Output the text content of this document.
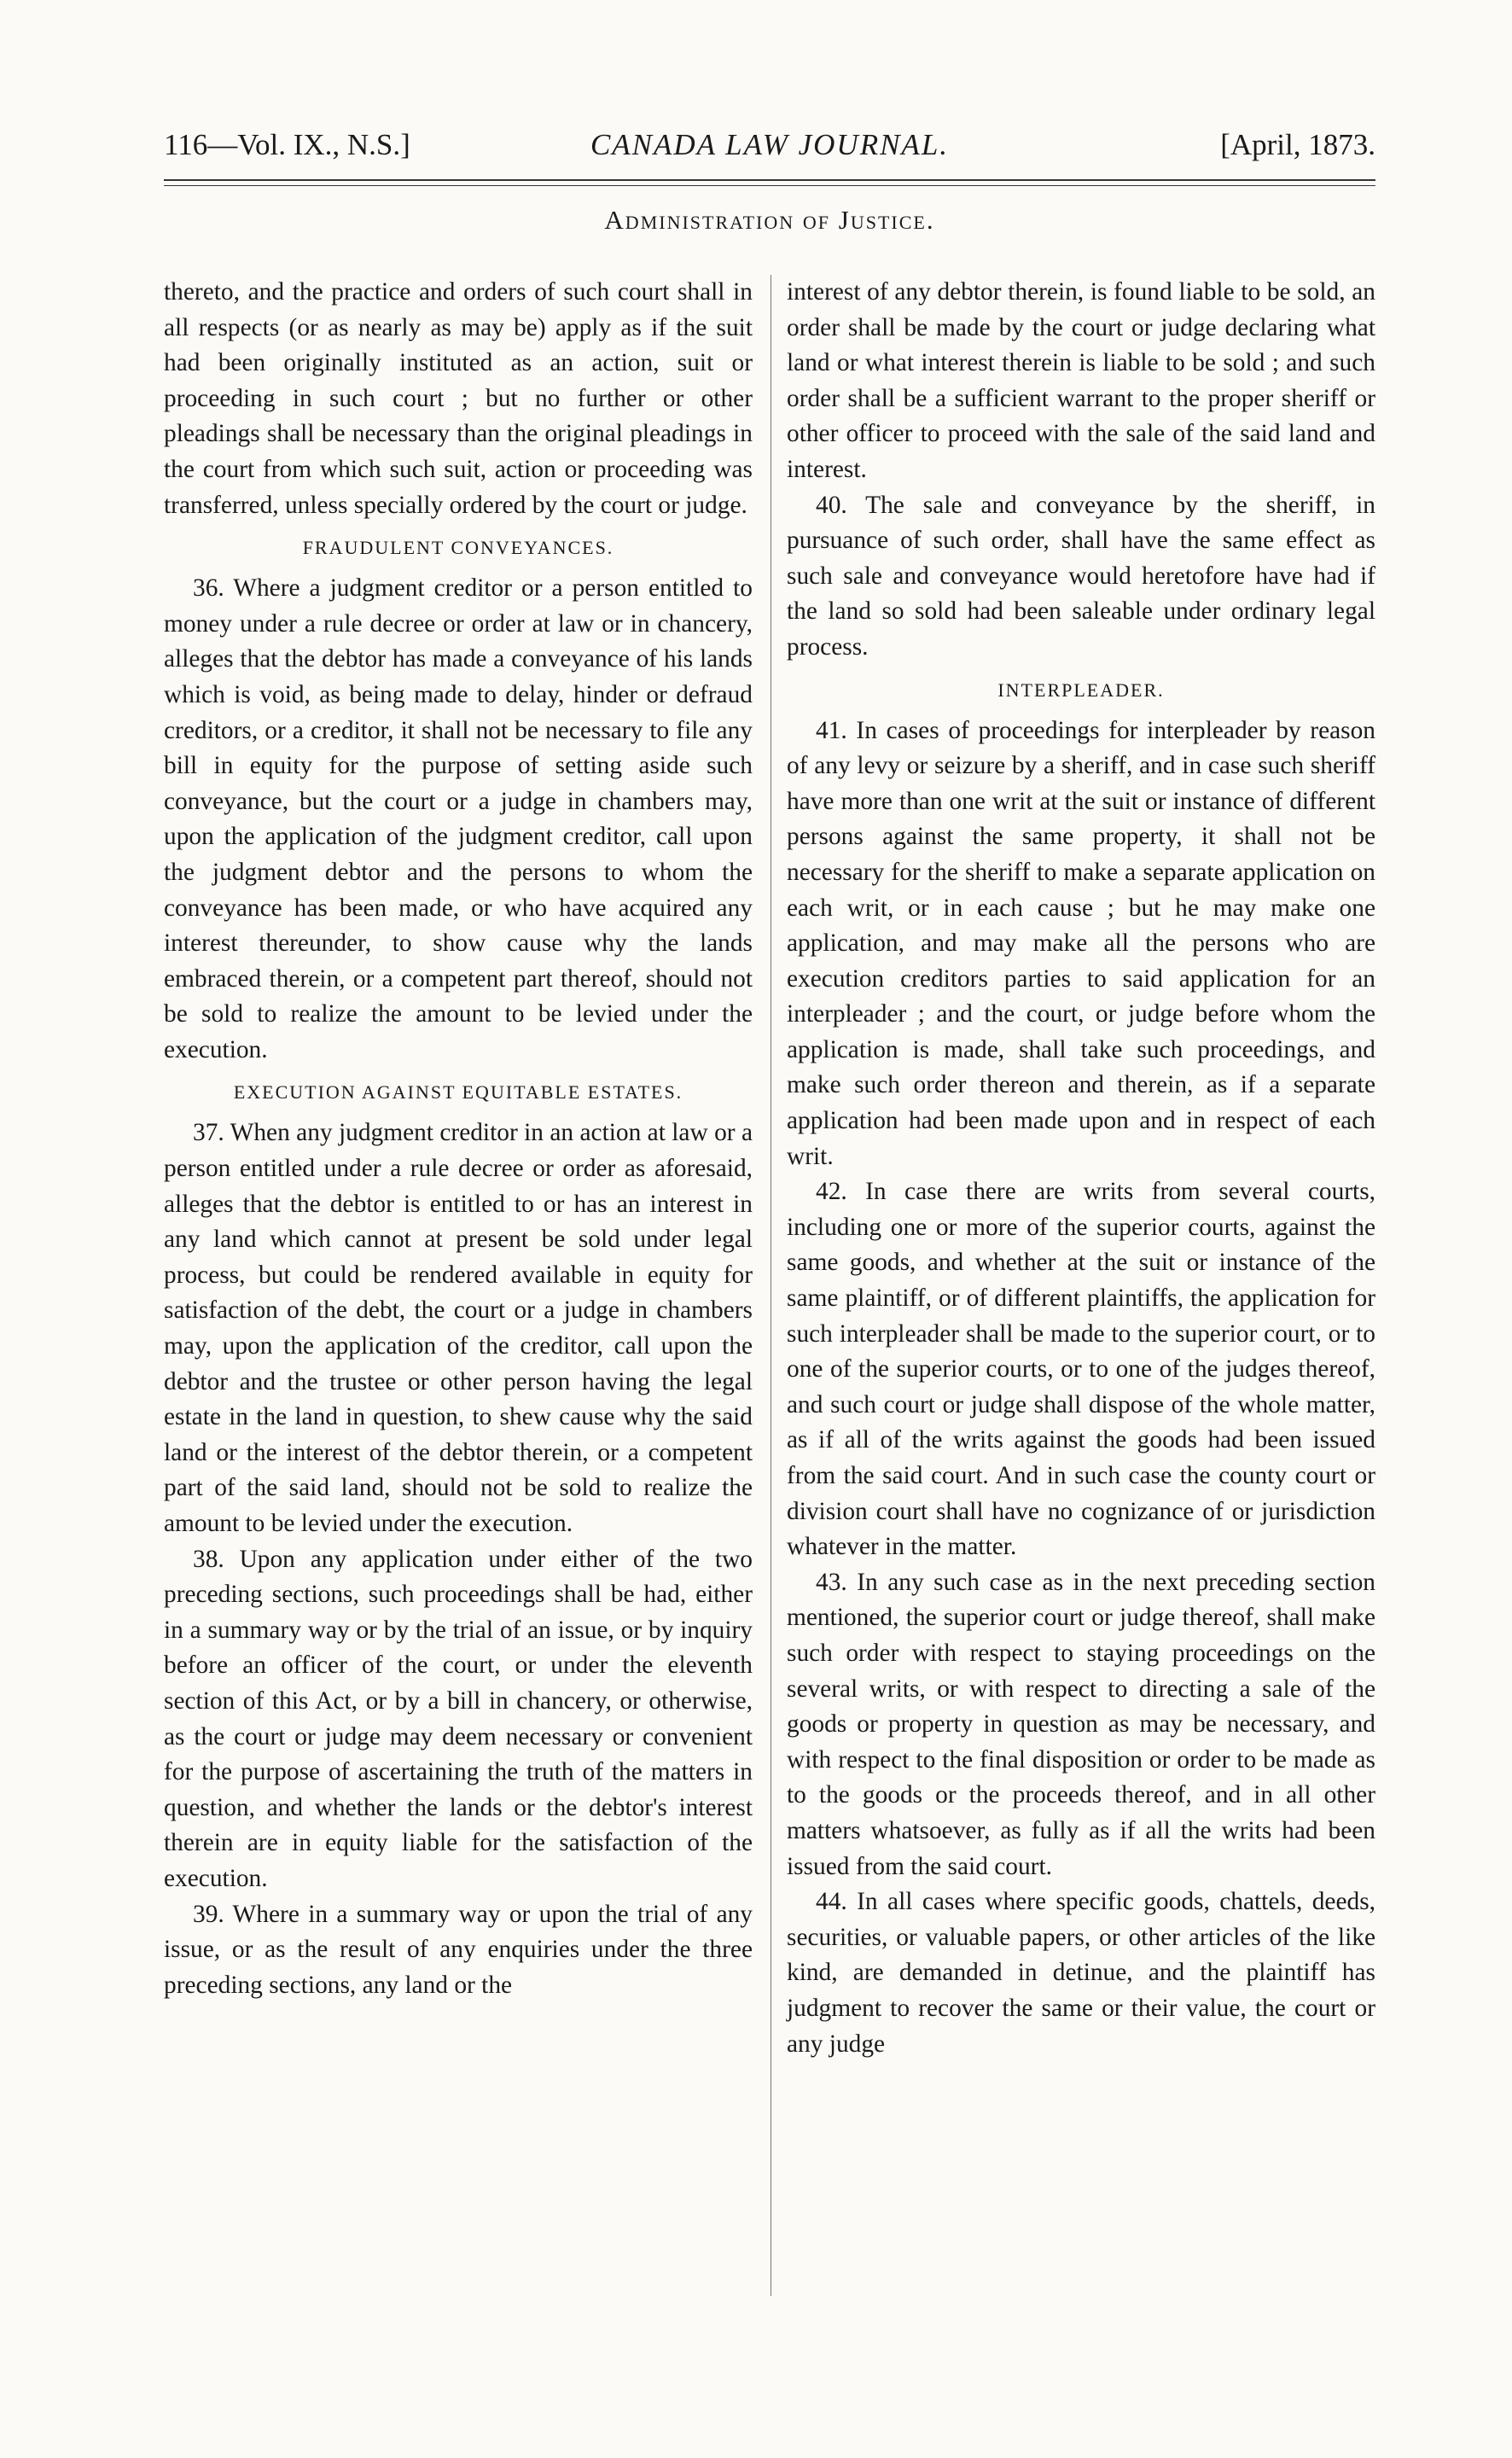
116—Vol. IX., N.S.]	CANADA LAW JOURNAL.	[April, 1873.
Administration of Justice.

thereto, and the practice and orders of such court shall in all respects (or as nearly as may be) apply as if the suit had been originally instituted as an action, suit or proceeding in such court ; but no further or other pleadings shall be necessary than the original pleadings in the court from which such suit, action or proceeding was transferred, unless specially ordered by the court or judge.

FRAUDULENT CONVEYANCES.

36. Where a judgment creditor or a person entitled to money under a rule decree or order at law or in chancery, alleges that the debtor has made a conveyance of his lands which is void, as being made to delay, hinder or defraud creditors, or a creditor, it shall not be necessary to file any bill in equity for the purpose of setting aside such conveyance, but the court or a judge in chambers may, upon the application of the judgment creditor, call upon the judgment debtor and the persons to whom the conveyance has been made, or who have acquired any interest thereunder, to show cause why the lands embraced therein, or a competent part thereof, should not be sold to realize the amount to be levied under the execution.

EXECUTION AGAINST EQUITABLE ESTATES.

37. When any judgment creditor in an action at law or a person entitled under a rule decree or order as aforesaid, alleges that the debtor is entitled to or has an interest in any land which cannot at present be sold under legal process, but could be rendered available in equity for satisfaction of the debt, the court or a judge in chambers may, upon the application of the creditor, call upon the debtor and the trustee or other person having the legal estate in the land in question, to shew cause why the said land or the interest of the debtor therein, or a competent part of the said land, should not be sold to realize the amount to be levied under the execution.

38. Upon any application under either of the two preceding sections, such proceedings shall be had, either in a summary way or by the trial of an issue, or by inquiry before an officer of the court, or under the eleventh section of this Act, or by a bill in chancery, or otherwise, as the court or judge may deem necessary or convenient for the purpose of ascertaining the truth of the matters in question, and whether the lands or the debtor's interest therein are in equity liable for the satisfaction of the execution.

39. Where in a summary way or upon the trial of any issue, or as the result of any enquiries under the three preceding sections, any land or the

interest of any debtor therein, is found liable to be sold, an order shall be made by the court or judge declaring what land or what interest therein is liable to be sold ; and such order shall be a sufficient warrant to the proper sheriff or other officer to proceed with the sale of the said land and interest.

40. The sale and conveyance by the sheriff, in pursuance of such order, shall have the same effect as such sale and conveyance would heretofore have had if the land so sold had been saleable under ordinary legal process.

INTERPLEADER.

41. In cases of proceedings for interpleader by reason of any levy or seizure by a sheriff, and in case such sheriff have more than one writ at the suit or instance of different persons against the same property, it shall not be necessary for the sheriff to make a separate application on each writ, or in each cause ; but he may make one application, and may make all the persons who are execution creditors parties to said application for an interpleader ; and the court, or judge before whom the application is made, shall take such proceedings, and make such order thereon and therein, as if a separate application had been made upon and in respect of each writ.

42. In case there are writs from several courts, including one or more of the superior courts, against the same goods, and whether at the suit or instance of the same plaintiff, or of different plaintiffs, the application for such interpleader shall be made to the superior court, or to one of the superior courts, or to one of the judges thereof, and such court or judge shall dispose of the whole matter, as if all of the writs against the goods had been issued from the said court. And in such case the county court or division court shall have no cognizance of or jurisdiction whatever in the matter.

43. In any such case as in the next preceding section mentioned, the superior court or judge thereof, shall make such order with respect to staying proceedings on the several writs, or with respect to directing a sale of the goods or property in question as may be necessary, and with respect to the final disposition or order to be made as to the goods or the proceeds thereof, and in all other matters whatsoever, as fully as if all the writs had been issued from the said court.

44. In all cases where specific goods, chattels, deeds, securities, or valuable papers, or other articles of the like kind, are demanded in detinue, and the plaintiff has judgment to recover the same or their value, the court or any judge
